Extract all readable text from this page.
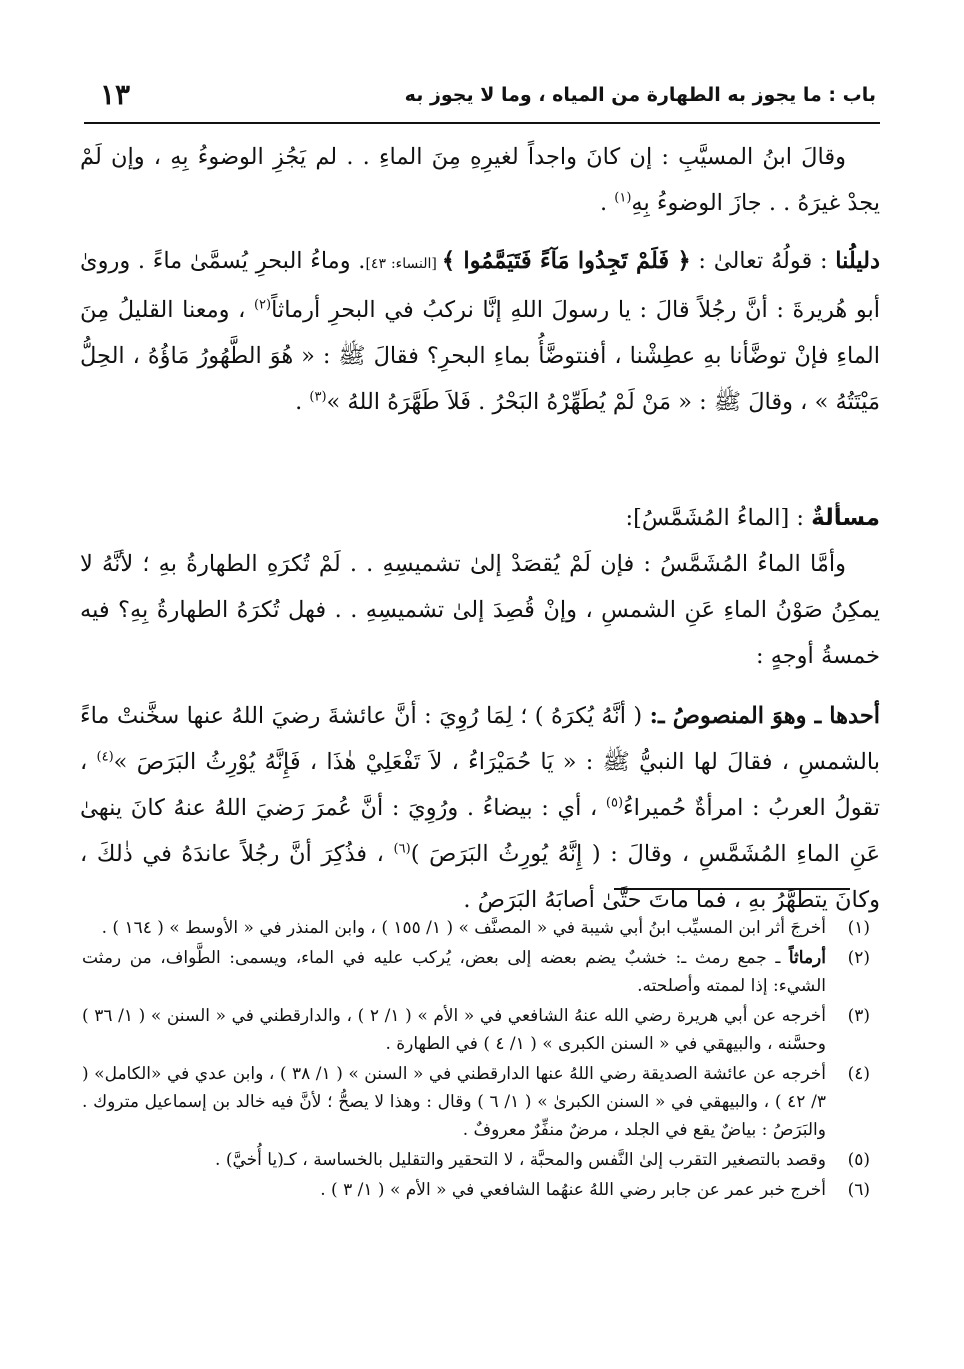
باب : ما يجوز به الطهارة من المياه ، وما لا يجوز به
١٣

وقالَ ابنُ المسيَّبِ : إن كانَ واجداً لغيرِهِ مِنَ الماءِ . . لم يَجُزِ الوضوءُ بِهِ ، وإن لَمْ يجدْ غيرَهُ . . جازَ الوضوءُ بِهِ$^{(١)}$ .

دليلُنا : قولُهُ تعالىٰ : ﴿ فَلَمْ تَجِدُوا مَآءً فَتَيَمَّمُوا ﴾ [النساء: ٤٣]. وماءُ البحرِ يُسمَّىٰ ماءً . وروىٰ أبو هُريرةَ : أنَّ رجُلاً قالَ : يا رسولَ اللهِ إنَّا نركبُ في البحرِ أرماثاً$^{(٢)}$ ، ومعنا القليلُ مِنَ الماءِ فإنْ توضَّأنا بهِ عطِشْنا ، أفنتوضَّأُ بماءِ البحرِ؟ فقالَ ﷺ : « هُوَ الطَّهُورُ مَاؤُهُ ، الحِلُّ مَيْتَتُهُ » ، وقالَ ﷺ : « مَنْ لَمْ يُطَهِّرْهُ البَحْرُ . فَلاَ طَهَّرَهُ اللهُ »$^{(٣)}$ .

مسألةٌ : [الماءُ المُشَمَّسُ]:

وأمَّا الماءُ المُشَمَّسُ : فإن لَمْ يُقصَدْ إلىٰ تشميسِهِ . . لَمْ تُكرَهِ الطهارةُ بهِ ؛ لأنَّهُ لا يمكِنُ صَوْنُ الماءِ عَنِ الشمسِ ، وإنْ قُصِدَ إلىٰ تشميسِهِ . . فهل تُكرَهُ الطهارةُ بِهِ؟ فيه خمسةُ أوجهٍ :

أحدها ـ وهوَ المنصوصُ ـ: ( أنَّهُ يُكرَهُ ) ؛ لِمَا رُوِيَ : أنَّ عائشةَ رضيَ اللهُ عنها سخَّنتْ ماءً بالشمسِ ، فقالَ لها النبيُّ ﷺ : « يَا حُمَيْرَاءُ ، لاَ تَفْعَلِيْ هٰذَا ، فَإِنَّهُ يُوْرِثُ البَرَصَ »$^{(٤)}$ ، تقولُ العربُ : امرأةٌ حُميراءُ$^{(٥)}$ ، أي : بيضاءُ . ورُوِيَ : أنَّ عُمرَ رَضيَ اللهُ عنهُ كانَ ينهىٰ عَنِ الماءِ المُشَمَّسِ ، وقالَ : ( إِنَّهُ يُورِثُ البَرَصَ )$^{(٦)}$ ، فذُكِرَ أنَّ رجُلاً عاندَهُ في ذٰلكَ ، وكانَ يتطهَّرُ بهِ ، فما ماتَ حتَّىٰ أصابَهُ البَرَصُ .

(١)
أخرجَ أثر ابن المسيِّب ابنُ أبي شيبة في « المصنَّف » ( ١/ ١٥٥ ) ، وابن المنذر في « الأوسط » ( ١٦٤ ) .
(٢)
أرماثاً ـ جمع رمث ـ: خشبٌ يضم بعضه إلى بعض، يُركب عليه في الماء، ويسمى: الطَّواف، من رمثت الشيء: إذا لممته وأصلحته.
(٣)
أخرجه عن أبي هريرة رضي الله عنهُ الشافعي في « الأم » ( ١/ ٢ ) ، والدارقطني في « السنن » ( ١/ ٣٦ ) وحسَّنه ، والبيهقي في « السنن الكبرى » ( ١/ ٤ ) في الطهارة .
(٤)
أخرجه عن عائشة الصديقة رضي اللهُ عنها الدارقطني في « السنن » ( ١/ ٣٨ ) ، وابن عدي في «الكامل» ( ٣/ ٤٢ ) ، والبيهقي في « السنن الكبرىٰ » ( ١/ ٦ ) وقال : وهذا لا يصحُّ ؛ لأنَّ فيه خالد بن إسماعيل متروك . والبَرَصُ : بياضٌ يقع في الجلد ، مرضٌ منفِّرٌ معروفٌ .
(٥)
وقصد بالتصغير التقرب إلىٰ النَّفس والمحبَّة ، لا التحقير والتقليل بالخساسة ، كـ(يا أُخيَّ) .
(٦)
أخرج خبر عمر عن جابر رضي اللهُ عنهُما الشافعي في « الأم » ( ١/ ٣ ) .
